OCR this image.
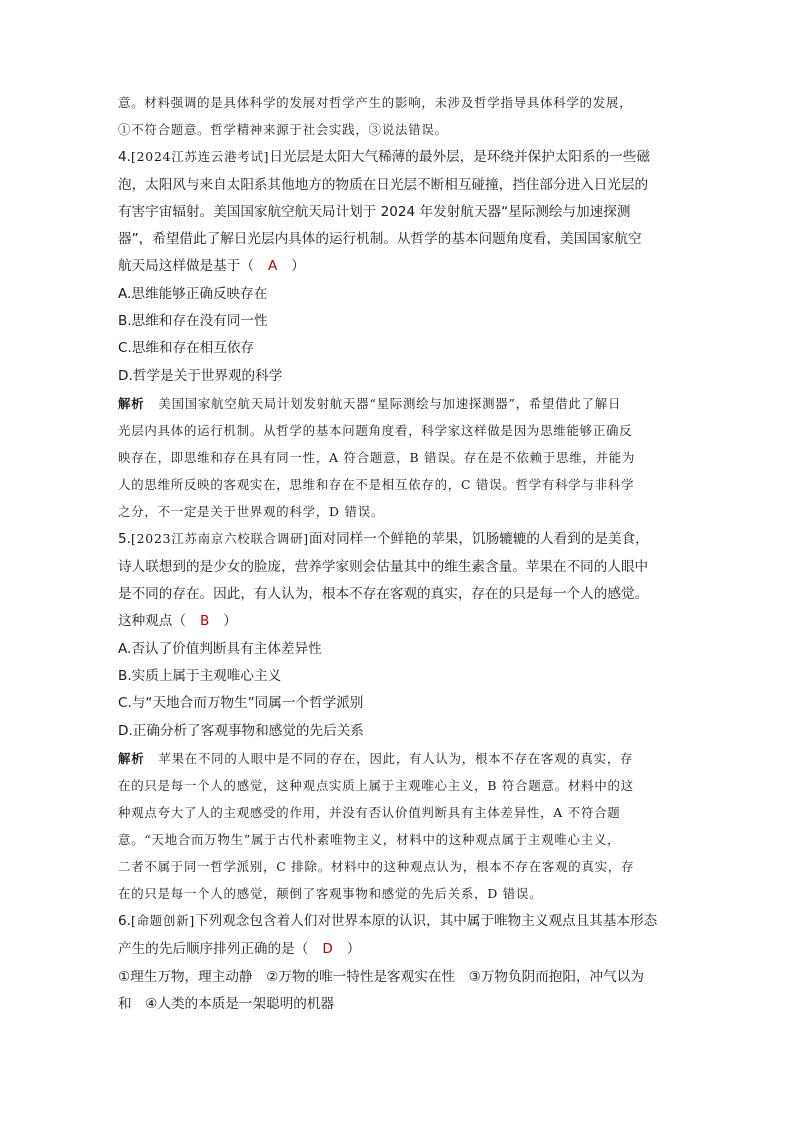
意。材料强调的是具体科学的发展对哲学产生的影响，未涉及哲学指导具体科学的发展，
①不符合题意。哲学精神来源于社会实践，③说法错误。
4.[2024江苏连云港考试]日光层是太阳大气稀薄的最外层，是环绕并保护太阳系的一些磁
泡，太阳风与来自太阳系其他地方的物质在日光层不断相互碰撞，挡住部分进入日光层的
有害宇宙辐射。美国国家航空航天局计划于 2024 年发射航天器“星际测绘与加速探测
器”，希望借此了解日光层内具体的运行机制。从哲学的基本问题角度看，美国国家航空
航天局这样做是基于（ A ）
A.思维能够正确反映存在
B.思维和存在没有同一性
C.思维和存在相互依存
D.哲学是关于世界观的科学
解析 美国国家航空航天局计划发射航天器“星际测绘与加速探测器”，希望借此了解日
光层内具体的运行机制。从哲学的基本问题角度看，科学家这样做是因为思维能够正确反
映存在，即思维和存在具有同一性，A 符合题意，B 错误。存在是不依赖于思维，并能为
人的思维所反映的客观实在，思维和存在不是相互依存的，C 错误。哲学有科学与非科学
之分，不一定是关于世界观的科学，D 错误。
5.[2023江苏南京六校联合调研]面对同样一个鲜艳的苹果，饥肠辘辘的人看到的是美食，
诗人联想到的是少女的脸庞，营养学家则会估量其中的维生素含量。苹果在不同的人眼中
是不同的存在。因此，有人认为，根本不存在客观的真实，存在的只是每一个人的感觉。
这种观点（ B ）
A.否认了价值判断具有主体差异性
B.实质上属于主观唯心主义
C.与“天地合而万物生”同属一个哲学派别
D.正确分析了客观事物和感觉的先后关系
解析 苹果在不同的人眼中是不同的存在，因此，有人认为，根本不存在客观的真实，存
在的只是每一个人的感觉，这种观点实质上属于主观唯心主义，B 符合题意。材料中的这
种观点夸大了人的主观感受的作用，并没有否认价值判断具有主体差异性，A 不符合题
意。“天地合而万物生”属于古代朴素唯物主义，材料中的这种观点属于主观唯心主义，
二者不属于同一哲学派别，C 排除。材料中的这种观点认为，根本不存在客观的真实，存
在的只是每一个人的感觉，颠倒了客观事物和感觉的先后关系，D 错误。
6.[命题创新]下列观念包含着人们对世界本原的认识，其中属于唯物主义观点且其基本形态
产生的先后顺序排列正确的是（ D ）
①理生万物，理主动静　②万物的唯一特性是客观实在性　③万物负阴而抱阳，冲气以为
和　④人类的本质是一架聪明的机器
